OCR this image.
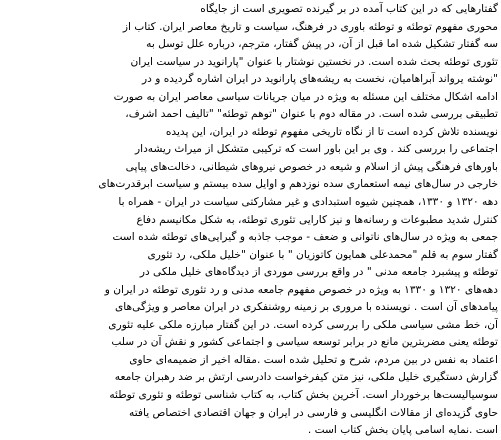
گفتارهایی که در این کتاب آمده در بر گیرنده تصویری است از جایگاه
محوری مفهوم توطئه و توطئه باوری در فرهنگ، سیاست و تاریخ معاصر ایران. کتاب از
سه گفتار تشکیل شده اما قبل از آن، در پیش گفتار، مترجم، درباره علل توسل به
تئوری توطئه بحث شده است. در نخستین نوشتار با عنوان "پارانوید در سیاست ایران
"نوشته یرواند آبراهامیان، نخست به ریشه‌های پارانوید در ایران اشاره گردیده و در
ادامه اشکال مختلف این مسئله به ویژه در میان جریانات سیاسی معاصر ایران به صورت
تطبیقی بررسی شده است. در مقاله دوم با عنوان "توهم توطئه" "تالیف احمد اشرف،
نویسنده تلاش کرده است تا از نگاه تاریخی مفهوم توطئه در ایران، این پدیده
اجتماعی را بررسی کند . وی بر این باور است که ترکیبی متشکل از میراث ریشه‌دار
باورهای فرهنگی پیش از اسلام و شیعه در خصوص نیروهای شیطانی، دخالت‌های پیاپی
خارجی در سال‌های نیمه استعماری سده نوزدهم و اوایل سده بیستم و سیاست ابرقدرت‌های
دهه ۱۳۲۰ و ۱۳۳۰، همچنین شیوه استبدادی و غیر مشارکتی سیاست در ایران - همراه با
کنترل شدید مطبوعات و رسانه‌ها و نیز کارایی تئوری توطئه، به شکل مکانیسم دفاع
جمعی به ویژه در سال‌های ناتوانی و ضعف - موجب جاذبه و گیرایی‌های توطئه شده است
گفتار سوم به قلم "محمدعلی همایون کاتوزیان " با عنوان "خلیل ملکی، رد تئوری
توطئه و پیشبرد جامعه مدنی " در واقع بررسی موردی از دیدگاه‌های خلیل ملکی در
دهه‌های ۱۳۲۰ و ۱۳۳۰ به ویژه در خصوص مفهوم جامعه مدنی و رد تئوری توطئه در ایران و
پیامدهای آن است . نویسنده با مروری بر زمینه روشنفکری در ایران معاصر و ویژگی‌های
آن، خط مشی سیاسی ملکی را بررسی کرده است. در این گفتار مبارزه ملکی علیه تئوری
توطئه یعنی مضربترین مانع در برابر توسعه سیاسی و اجتماعی کشور و نقش آن در سلب
اعتماد به نفس در بین مردم، شرح و تحلیل شده است .مقاله اخیر از ضمیمه‌ای حاوی
گزارش دستگیری خلیل ملکی، نیز متن کیفرخواست دادرسی ارتش بر ضد رهبران جامعه
سوسیالیست‌ها برخوردار است. آخرین بخش کتاب، به کتاب شناسی توطئه و تئوری توطئه
حاوی گزیده‌ای از مقالات انگلیسی و فارسی در ایران و جهان اقتصادی اختصاص یافته
است .نمایه اسامی پایان بخش کتاب است .
